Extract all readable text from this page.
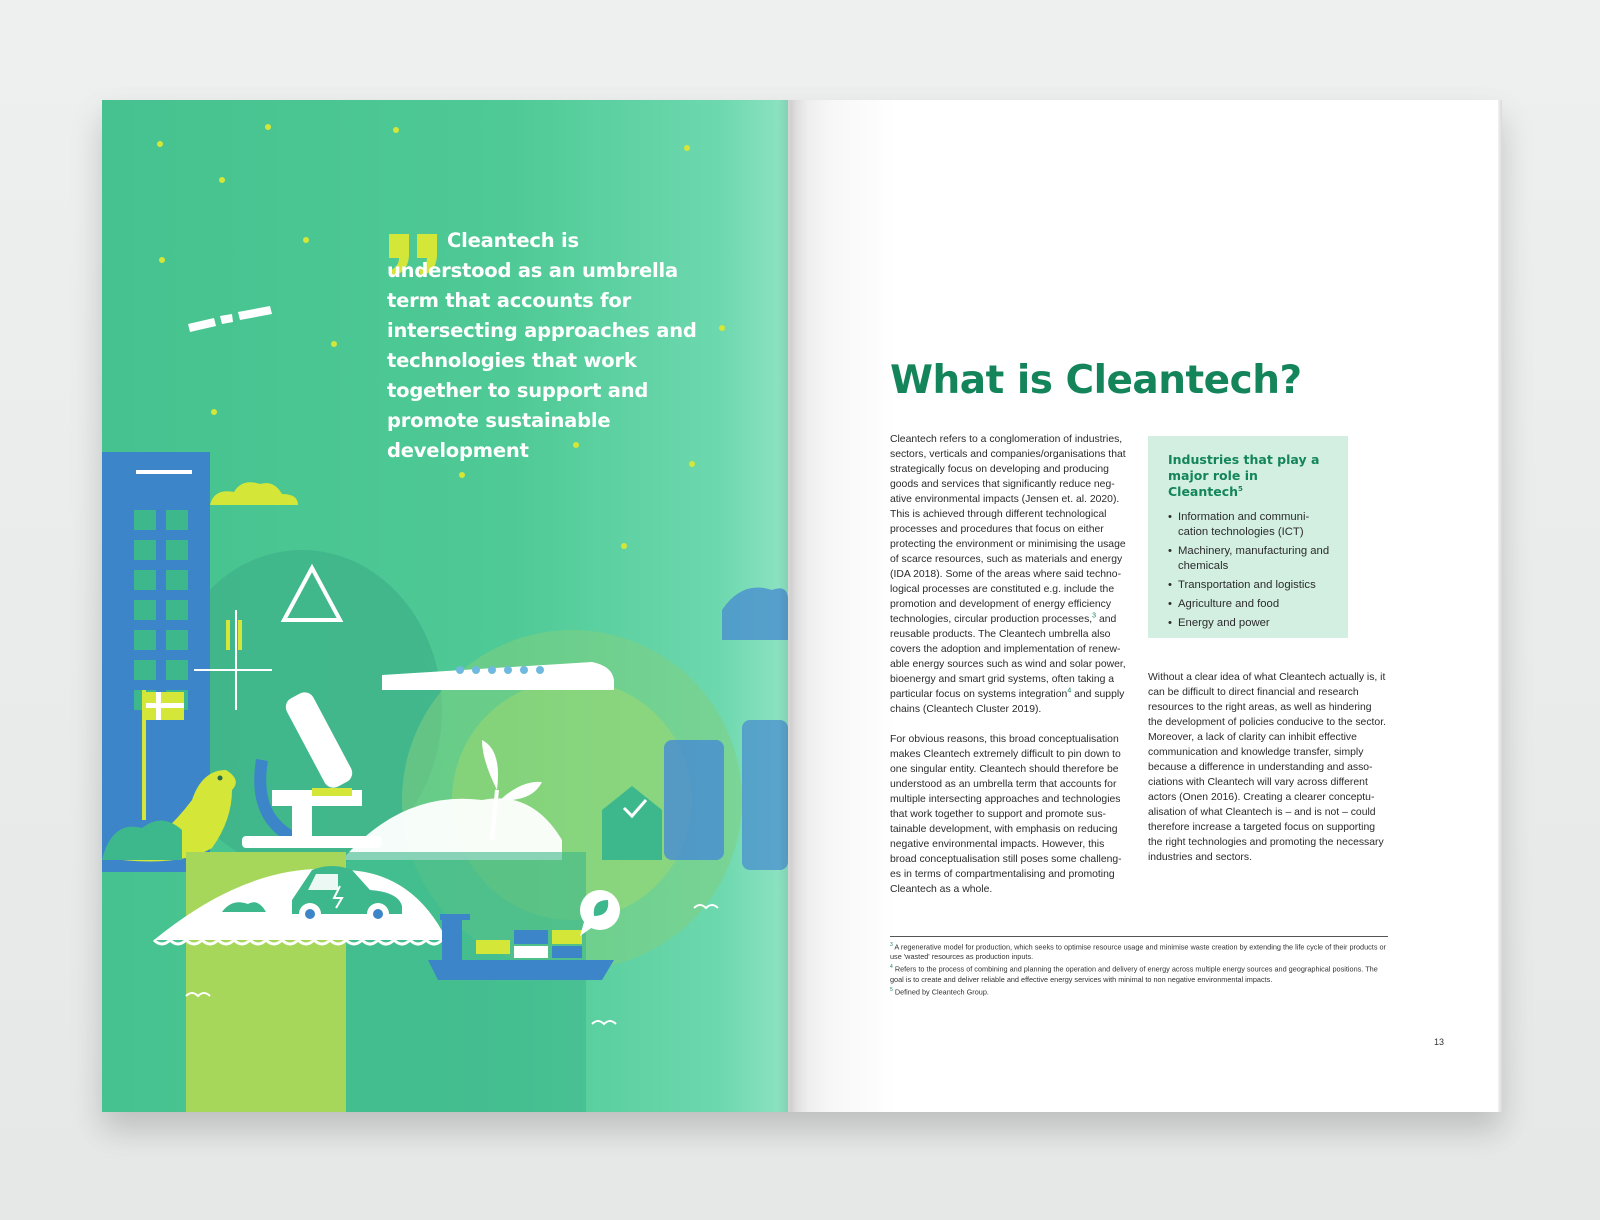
Cleantech is understood as an umbrella term that accounts for intersecting approaches and technologies that work together to support and promote sustainable development

What is Cleantech?

Cleantech refers to a conglomeration of industries, sectors, verticals and companies/organisations that strategically focus on developing and producing goods and services that significantly reduce neg- ative environmental impacts (Jensen et. al. 2020). This is achieved through different technological processes and procedures that focus on either protecting the environment or minimising the usage of scarce resources, such as materials and energy (IDA 2018). Some of the areas where said techno- logical processes are constituted e.g. include the promotion and development of energy efficiency technologies, circular production processes,$^3$ and reusable products. The Cleantech umbrella also covers the adoption and implementation of renew- able energy sources such as wind and solar power, bioenergy and smart grid systems, often taking a particular focus on systems integration$^4$ and supply chains (Cleantech Cluster 2019).

For obvious reasons, this broad conceptualisation makes Cleantech extremely difficult to pin down to one singular entity. Cleantech should therefore be understood as an umbrella term that accounts for multiple intersecting approaches and technologies that work together to support and promote sus- tainable development, with emphasis on reducing negative environmental impacts. However, this broad conceptualisation still poses some challeng- es in terms of compartmentalising and promoting Cleantech as a whole.

Industries that play a major role in Cleantech$^5$
• Information and communi- cation technologies (ICT)
• Machinery, manufacturing and chemicals
• Transportation and logistics
• Agriculture and food
• Energy and power

Without a clear idea of what Cleantech actually is, it can be difficult to direct financial and research resources to the right areas, as well as hindering the development of policies conducive to the sector. Moreover, a lack of clarity can inhibit effective communication and knowledge transfer, simply because a difference in understanding and asso- ciations with Cleantech will vary across different actors (Onen 2016). Creating a clearer conceptu- alisation of what Cleantech is – and is not – could therefore increase a targeted focus on supporting the right technologies and promoting the necessary industries and sectors.

$^3$ A regenerative model for production, which seeks to optimise resource usage and minimise waste creation by extending the life cycle of their products or use 'wasted' resources as production inputs.
$^4$ Refers to the process of combining and planning the operation and delivery of energy across multiple energy sources and geographical positions. The goal is to create and deliver reliable and effective energy services with minimal to non negative environmental impacts.
$^5$ Defined by Cleantech Group.
13
